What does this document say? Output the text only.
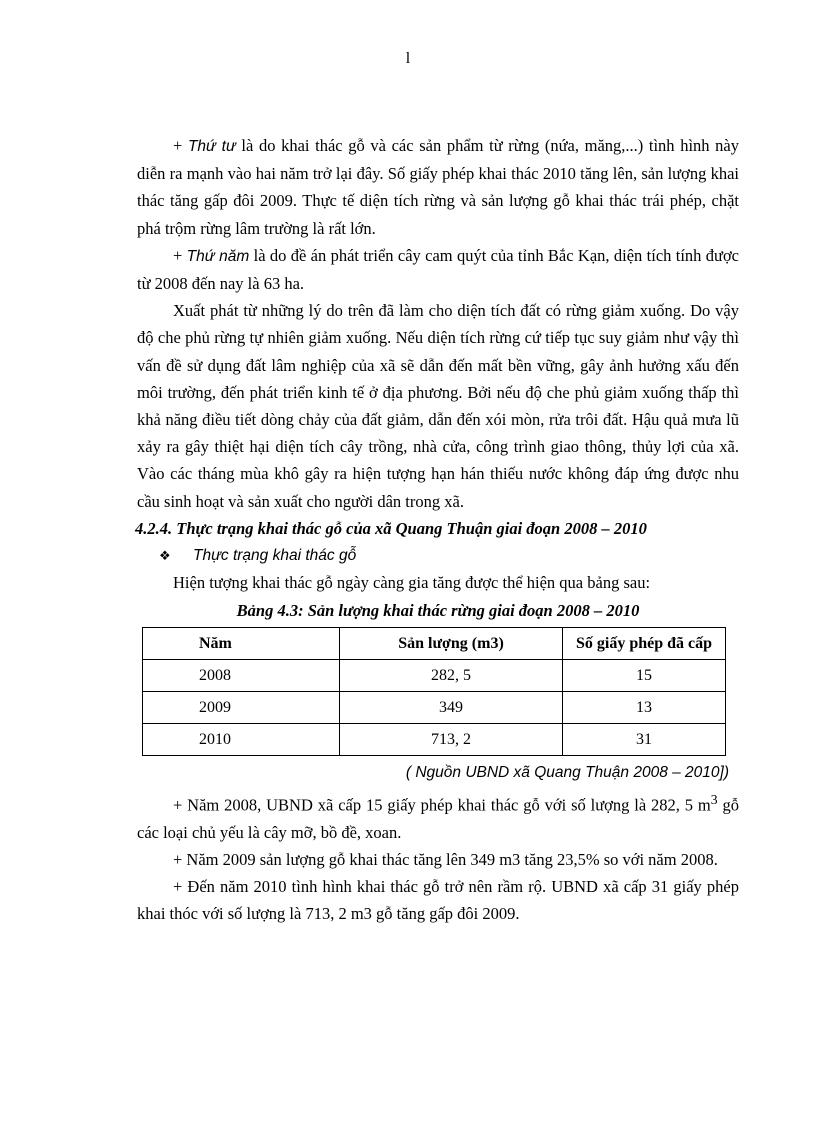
l

+ Thứ tư là do khai thác gỗ và các sản phẩm từ rừng (nứa, măng,...) tình hình này diễn ra mạnh vào hai năm trở lại đây. Số giấy phép khai thác 2010 tăng lên, sản lượng khai thác tăng gấp đôi 2009. Thực tế diện tích rừng và sản lượng gỗ khai thác trái phép, chặt phá trộm rừng lâm trường là rất lớn.

+ Thứ năm là do đề án phát triển cây cam quýt của tỉnh Bắc Kạn, diện tích tính được từ 2008 đến nay là 63 ha.

Xuất phát từ những lý do trên đã làm cho diện tích đất có rừng giảm xuống. Do vậy độ che phủ rừng tự nhiên giảm xuống. Nếu diện tích rừng cứ tiếp tục suy giảm như vậy thì vấn đề sử dụng đất lâm nghiệp của xã sẽ dẫn đến mất bền vững, gây ảnh hưởng xấu đến môi trường, đến phát triển kinh tế ở địa phương. Bởi nếu độ che phủ giảm xuống thấp thì khả năng điều tiết dòng chảy của đất giảm, dẫn đến xói mòn, rửa trôi đất. Hậu quả mưa lũ xảy ra gây thiệt hại diện tích cây trồng, nhà cửa, công trình giao thông, thủy lợi của xã. Vào các tháng mùa khô gây ra hiện tượng hạn hán thiếu nước không đáp ứng được nhu cầu sinh hoạt và sản xuất cho người dân trong xã.

4.2.4. Thực trạng khai thác gỗ của xã Quang Thuận giai đoạn 2008 – 2010
❖	Thực trạng khai thác gỗ

Hiện tượng khai thác gỗ ngày càng gia tăng được thể hiện qua bảng sau:

Bảng 4.3: Sản lượng khai thác rừng giai đoạn 2008 – 2010
Năm	Sản lượng (m3)	Số giấy phép đã cấp
2008	282, 5	15
2009	349	13
2010	713, 2	31
( Nguồn UBND xã Quang Thuận 2008 – 2010])

+ Năm 2008, UBND xã cấp 15 giấy phép khai thác gỗ với số lượng là 282, 5 $m^3$ gỗ các loại chủ yếu là cây mỡ, bồ đề, xoan.

+ Năm 2009 sản lượng gỗ khai thác tăng lên 349 m3 tăng 23,5% so với năm 2008.

+ Đến năm 2010 tình hình khai thác gỗ trở nên rầm rộ. UBND xã cấp 31 giấy phép khai thóc với số lượng là 713, 2 m3 gỗ tăng gấp đôi 2009.
